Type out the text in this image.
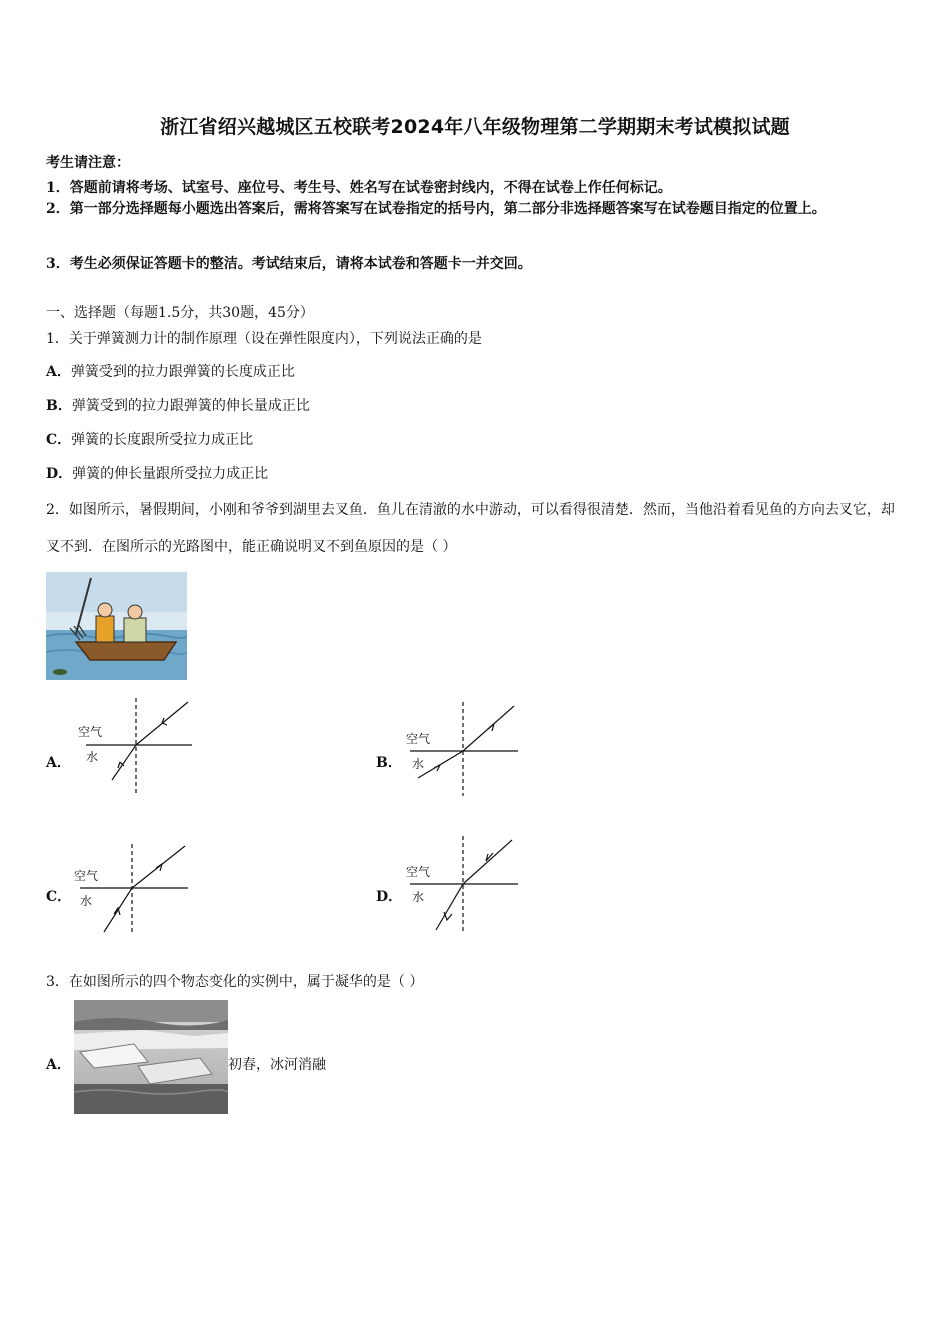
浙江省绍兴越城区五校联考2024年八年级物理第二学期期末考试模拟试题
考生请注意：
1．答题前请将考场、试室号、座位号、考生号、姓名写在试卷密封线内，不得在试卷上作任何标记。
2．第一部分选择题每小题选出答案后，需将答案写在试卷指定的括号内，第二部分非选择题答案写在试卷题目指定的位置上。
3．考生必须保证答题卡的整洁。考试结束后，请将本试卷和答题卡一并交回。
一、选择题（每题1.5分，共30题，45分）
1．关于弹簧测力计的制作原理（设在弹性限度内），下列说法正确的是
A．弹簧受到的拉力跟弹簧的长度成正比
B．弹簧受到的拉力跟弹簧的伸长量成正比
C．弹簧的长度跟所受拉力成正比
D．弹簧的伸长量跟所受拉力成正比
2．如图所示，暑假期间，小刚和爷爷到湖里去叉鱼．鱼儿在清澈的水中游动，可以看得很清楚．然而，当他沿着看见鱼的方向去叉它，却叉不到．在图所示的光路图中，能正确说明叉不到鱼原因的是（ ）
A．
空气
水	B．
空气
水
C．
空气
水	D．
空气
水
3．在如图所示的四个物态变化的实例中，属于凝华的是（ ）
A．	初春，冰河消融
